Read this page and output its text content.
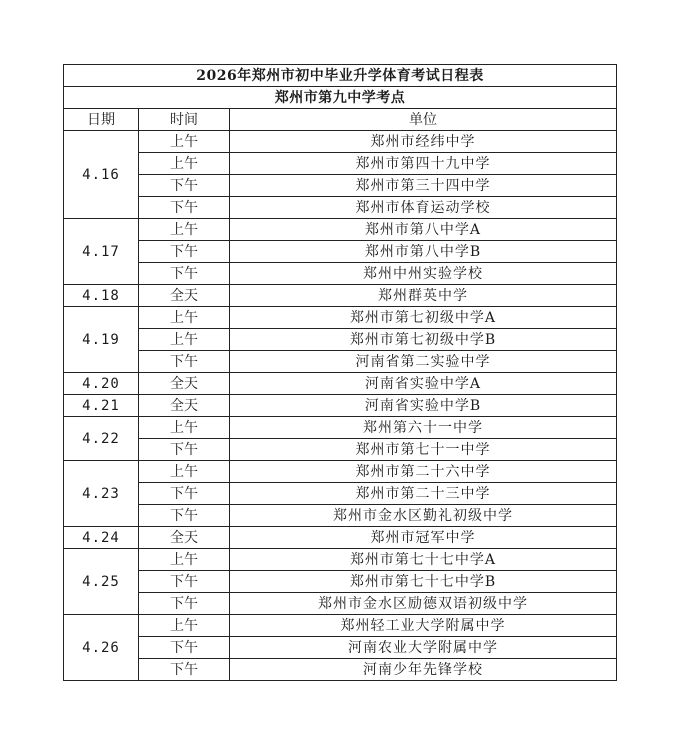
2026年郑州市初中毕业升学体育考试日程表		
郑州市第九中学考点		
日期	时间	单位
4.16	上午	郑州市经纬中学
	上午	郑州市第四十九中学
	下午	郑州市第三十四中学
	下午	郑州市体育运动学校
4.17	上午	郑州市第八中学A
	下午	郑州市第八中学B
	下午	郑州中州实验学校
4.18	全天	郑州群英中学
4.19	上午	郑州市第七初级中学A
	上午	郑州市第七初级中学B
	下午	河南省第二实验中学
4.20	全天	河南省实验中学A
4.21	全天	河南省实验中学B
4.22	上午	郑州第六十一中学
	下午	郑州市第七十一中学
4.23	上午	郑州市第二十六中学
	下午	郑州市第二十三中学
	下午	郑州市金水区勤礼初级中学
4.24	全天	郑州市冠军中学
4.25	上午	郑州市第七十七中学A
	下午	郑州市第七十七中学B
	下午	郑州市金水区励德双语初级中学
4.26	上午	郑州轻工业大学附属中学
	下午	河南农业大学附属中学
	下午	河南少年先锋学校
